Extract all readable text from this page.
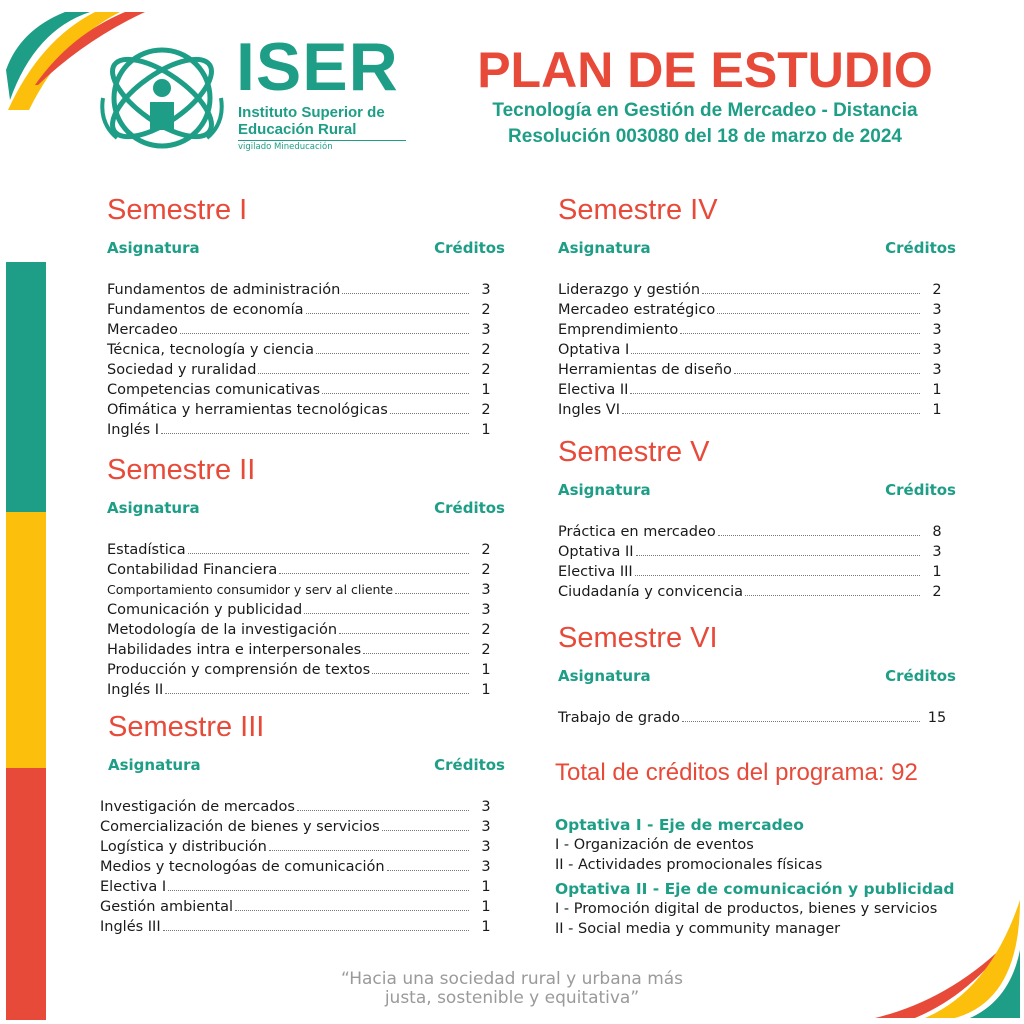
ISER
Instituto Superior de
Educación Rural
vigilado Mineducación
PLAN DE ESTUDIO
Tecnología en Gestión de Mercadeo - Distancia
Resolución 003080 del 18 de marzo de 2024
Semestre I
Asignatura	Créditos
Fundamentos de administración	3
Fundamentos de economía	2
Mercadeo	3
Técnica, tecnología y ciencia	2
Sociedad y ruralidad	2
Competencias comunicativas	1
Ofimática y herramientas tecnológicas	2
Inglés I	1
Semestre II
Asignatura	Créditos
Estadística	2
Contabilidad Financiera	2
Comportamiento consumidor y serv al cliente	3
Comunicación y publicidad	3
Metodología de la investigación	2
Habilidades intra e interpersonales	2
Producción y comprensión de textos	1
Inglés II	1
Semestre III
Asignatura	Créditos
Investigación de mercados	3
Comercialización de bienes y servicios	3
Logística y distribución	3
Medios y tecnologóas de comunicación	3
Electiva I	1
Gestión ambiental	1
Inglés III	1
Semestre IV
Asignatura	Créditos
Liderazgo y gestión	2
Mercadeo estratégico	3
Emprendimiento	3
Optativa I	3
Herramientas de diseño	3
Electiva II	1
Ingles VI	1
Semestre V
Asignatura	Créditos
Práctica en mercadeo	8
Optativa II	3
Electiva III	1
Ciudadanía y convicencia	2
Semestre VI
Asignatura	Créditos
Trabajo de grado	15
Total de créditos del programa: 92
Optativa I - Eje de mercadeo
I - Organización de eventos
II - Actividades promocionales físicas
Optativa II - Eje de comunicación y publicidad
I - Promoción digital de productos, bienes y servicios
II - Social media y community manager
“Hacia una sociedad rural y urbana más
justa, sostenible y equitativa”
